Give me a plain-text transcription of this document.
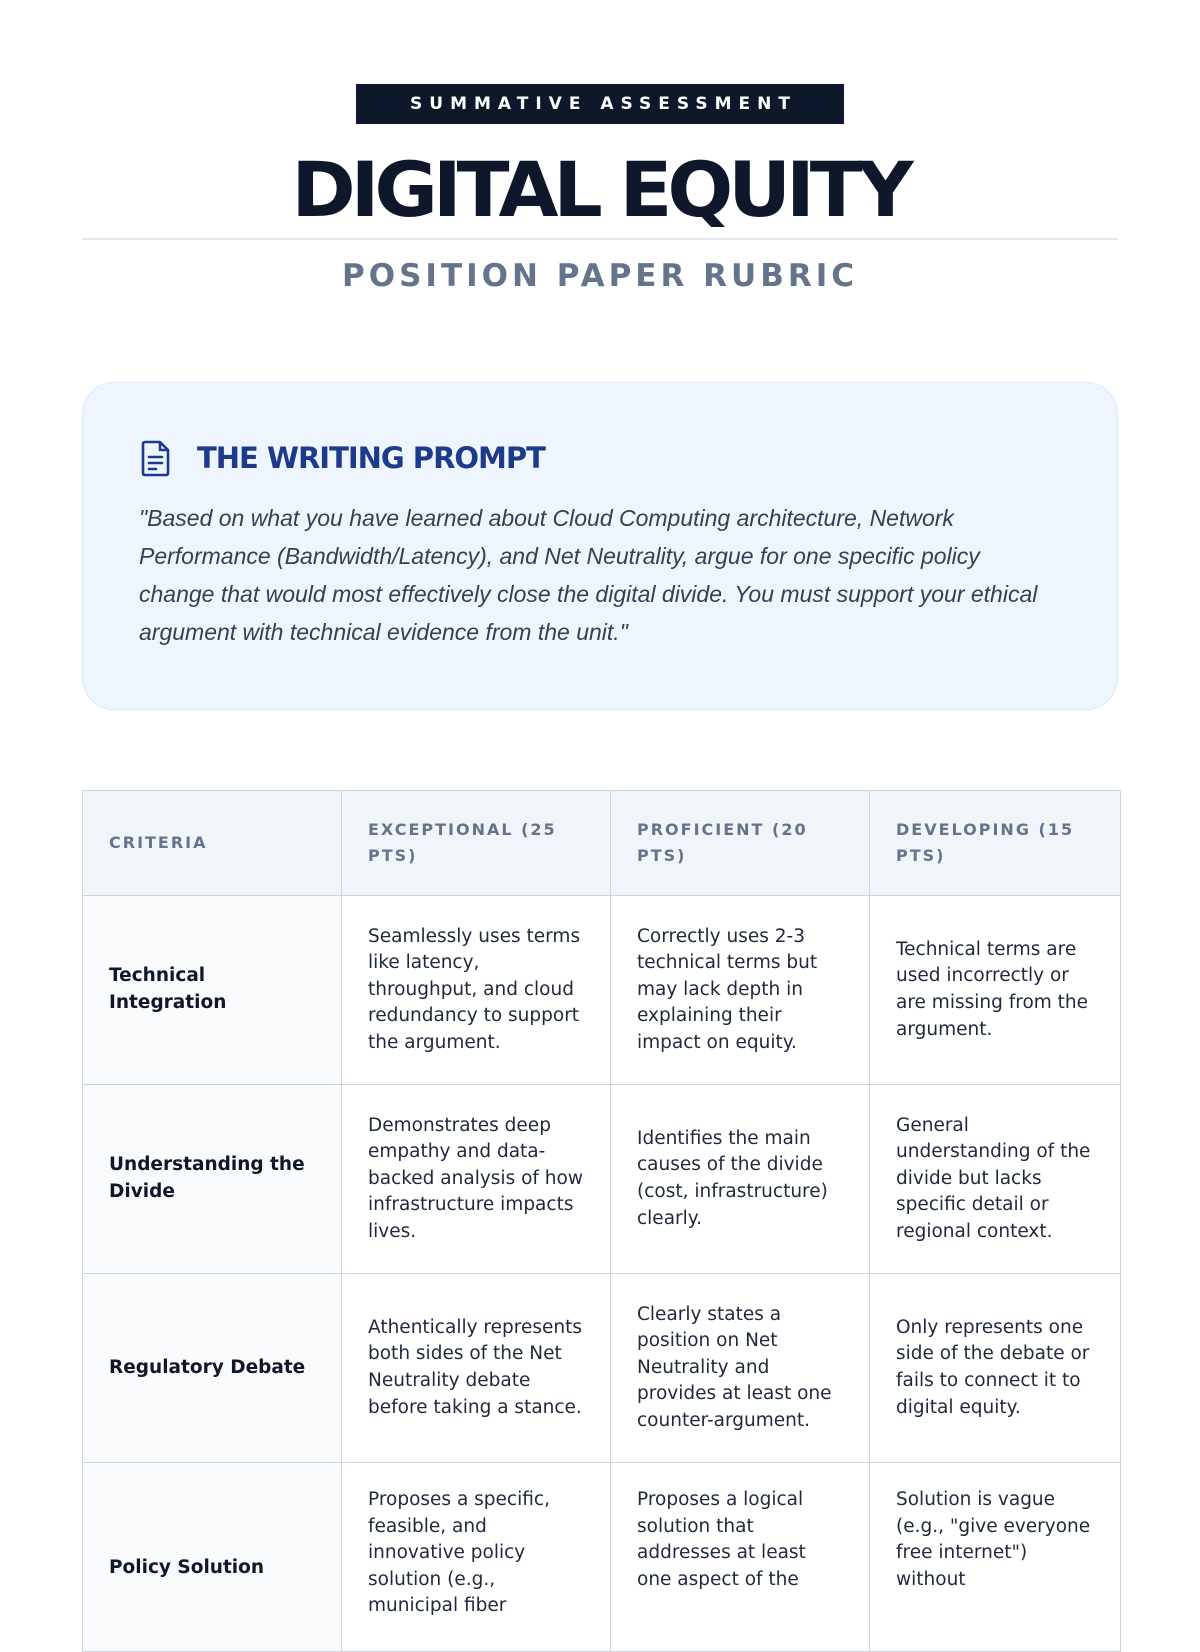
SUMMATIVE ASSESSMENT
DIGITAL EQUITY
POSITION PAPER RUBRIC
THE WRITING PROMPT

"Based on what you have learned about Cloud Computing architecture, Network Performance (Bandwidth/Latency), and Net Neutrality, argue for one specific policy change that would most effectively close the digital divide. You must support your ethical argument with technical evidence from the unit."

CRITERIA	EXCEPTIONAL (25 PTS)	PROFICIENT (20 PTS)	DEVELOPING (15 PTS)
Technical Integration	Seamlessly uses terms like latency, throughput, and cloud redundancy to support the argument.	Correctly uses 2-3 technical terms but may lack depth in explaining their impact on equity.	Technical terms are used incorrectly or are missing from the argument.
Understanding the Divide	Demonstrates deep empathy and data-backed analysis of how infrastructure impacts lives.	Identifies the main causes of the divide (cost, infrastructure) clearly.	General understanding of the divide but lacks specific detail or regional context.
Regulatory Debate	Athentically represents both sides of the Net Neutrality debate before taking a stance.	Clearly states a position on Net Neutrality and provides at least one counter-argument.	Only represents one side of the debate or fails to connect it to digital equity.
Policy Solution	Proposes a specific, feasible, and innovative policy solution (e.g., municipal fiber	Proposes a logical solution that addresses at least one aspect of the	Solution is vague (e.g., "give everyone free internet") without
